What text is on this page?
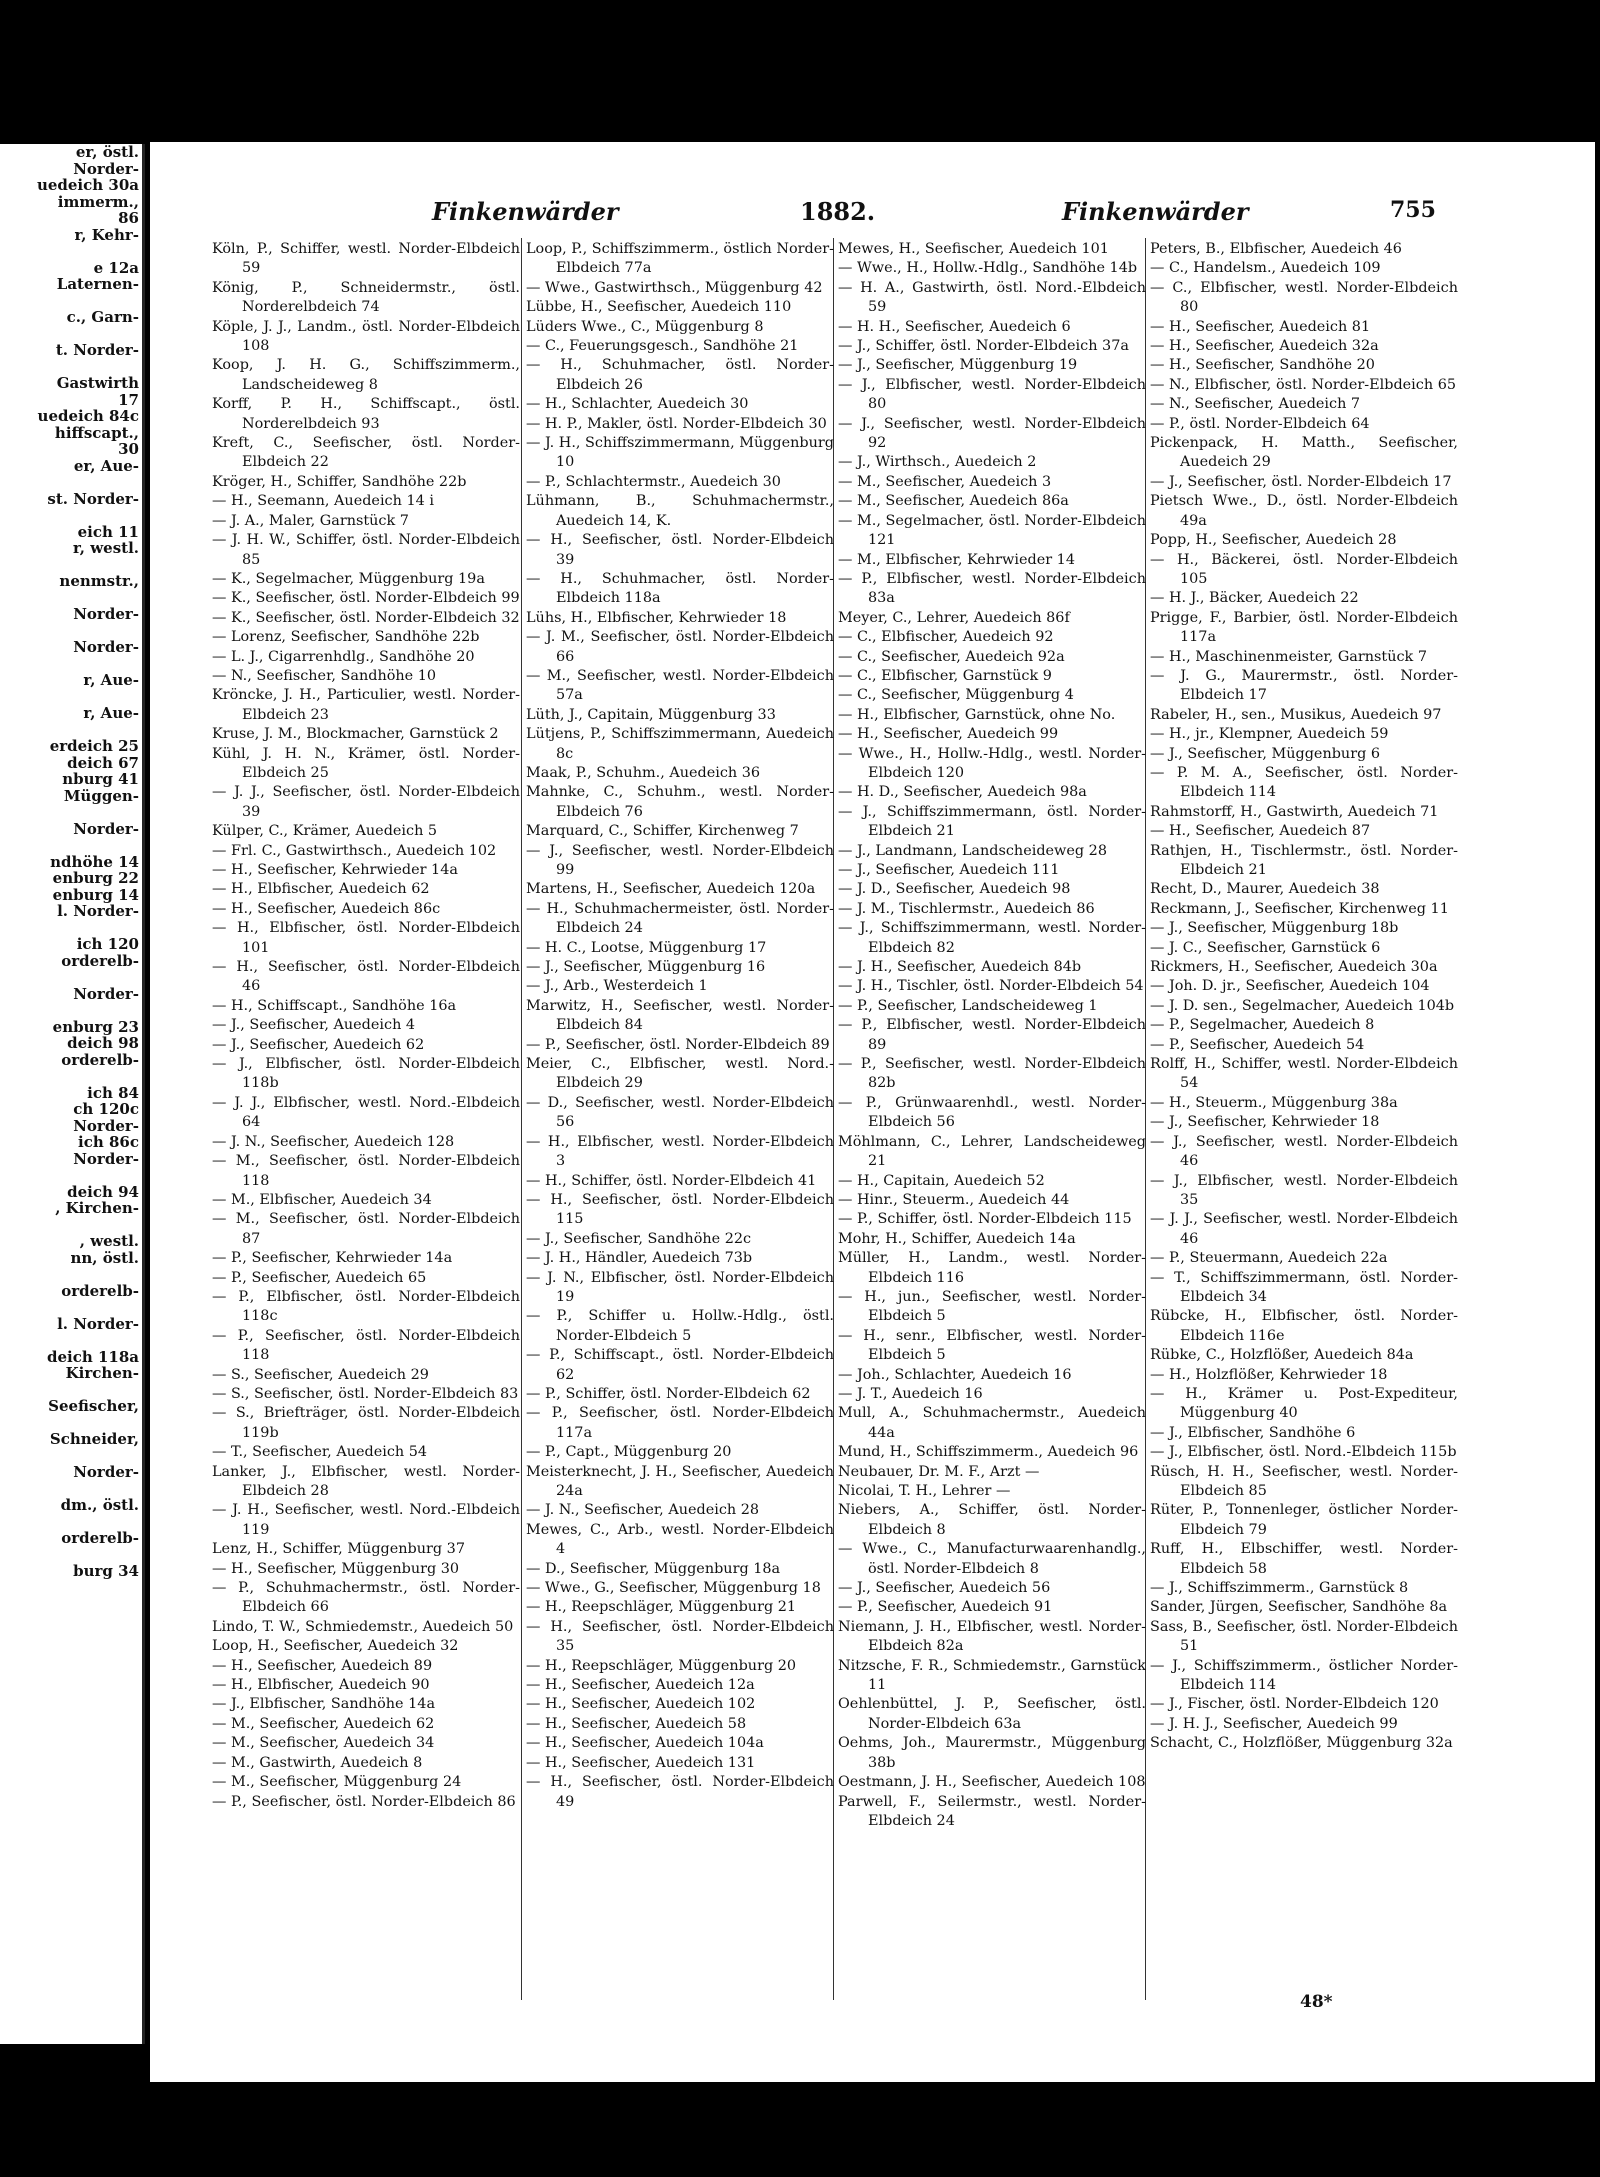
er, östl.
Norder-
uedeich 30a
immerm.,
86
r, Kehr-

e 12a
Laternen-

c., Garn-

t. Norder-

Gastwirth
17
uedeich 84c
hiffscapt.,
30
er, Aue-

st. Norder-

eich 11
r, westl.

nenmstr.,

Norder-

Norder-

r, Aue-

r, Aue-

erdeich 25
deich 67
nburg 41
Müggen-

Norder-

ndhöhe 14
enburg 22
enburg 14
l. Norder-

ich 120
orderelb-

Norder-

enburg 23
deich 98
orderelb-

ich 84
ch 120c
Norder-
ich 86c
Norder-

deich 94
, Kirchen-

, westl.
nn, östl.

orderelb-

l. Norder-

deich 118a
Kirchen-

Seefischer,

Schneider,

Norder-

dm., östl.

orderelb-

burg 34
Finkenwärder	1882.	Finkenwärder	755
Köln, P., Schiffer, westl. Norder-Elbdeich 59
König, P., Schneidermstr., östl. Norderelbdeich 74
Köple, J. J., Landm., östl. Norder-Elbdeich 108
Koop, J. H. G., Schiffszimmerm., Landscheideweg 8
Korff, P. H., Schiffscapt., östl. Norderelbdeich 93
Kreft, C., Seefischer, östl. Norder-Elbdeich 22
Kröger, H., Schiffer, Sandhöhe 22b
— H., Seemann, Auedeich 14 i
— J. A., Maler, Garnstück 7
— J. H. W., Schiffer, östl. Norder-Elbdeich 85
— K., Segelmacher, Müggenburg 19a
— K., Seefischer, östl. Norder-Elbdeich 99
— K., Seefischer, östl. Norder-Elbdeich 32
— Lorenz, Seefischer, Sandhöhe 22b
— L. J., Cigarrenhdlg., Sandhöhe 20
— N., Seefischer, Sandhöhe 10
Kröncke, J. H., Particulier, westl. Norder-Elbdeich 23
Kruse, J. M., Blockmacher, Garnstück 2
Kühl, J. H. N., Krämer, östl. Norder-Elbdeich 25
— J. J., Seefischer, östl. Norder-Elbdeich 39
Külper, C., Krämer, Auedeich 5
— Frl. C., Gastwirthsch., Auedeich 102
— H., Seefischer, Kehrwieder 14a
— H., Elbfischer, Auedeich 62
— H., Seefischer, Auedeich 86c
— H., Elbfischer, östl. Norder-Elbdeich 101
— H., Seefischer, östl. Norder-Elbdeich 46
— H., Schiffscapt., Sandhöhe 16a
— J., Seefischer, Auedeich 4
— J., Seefischer, Auedeich 62
— J., Elbfischer, östl. Norder-Elbdeich 118b
— J. J., Elbfischer, westl. Nord.-Elbdeich 64
— J. N., Seefischer, Auedeich 128
— M., Seefischer, östl. Norder-Elbdeich 118
— M., Elbfischer, Auedeich 34
— M., Seefischer, östl. Norder-Elbdeich 87
— P., Seefischer, Kehrwieder 14a
— P., Seefischer, Auedeich 65
— P., Elbfischer, östl. Norder-Elbdeich 118c
— P., Seefischer, östl. Norder-Elbdeich 118
— S., Seefischer, Auedeich 29
— S., Seefischer, östl. Norder-Elbdeich 83
— S., Briefträger, östl. Norder-Elbdeich 119b
— T., Seefischer, Auedeich 54
Lanker, J., Elbfischer, westl. Norder-Elbdeich 28
— J. H., Seefischer, westl. Nord.-Elbdeich 119
Lenz, H., Schiffer, Müggenburg 37
— H., Seefischer, Müggenburg 30
— P., Schuhmachermstr., östl. Norder-Elbdeich 66
Lindo, T. W., Schmiedemstr., Auedeich 50
Loop, H., Seefischer, Auedeich 32
— H., Seefischer, Auedeich 89
— H., Elbfischer, Auedeich 90
— J., Elbfischer, Sandhöhe 14a
— M., Seefischer, Auedeich 62
— M., Seefischer, Auedeich 34
— M., Gastwirth, Auedeich 8
— M., Seefischer, Müggenburg 24
— P., Seefischer, östl. Norder-Elbdeich 86
Loop, P., Schiffszimmerm., östlich Norder-Elbdeich 77a
— Wwe., Gastwirthsch., Müggenburg 42
Lübbe, H., Seefischer, Auedeich 110
Lüders Wwe., C., Müggenburg 8
— C., Feuerungsgesch., Sandhöhe 21
— H., Schuhmacher, östl. Norder-Elbdeich 26
— H., Schlachter, Auedeich 30
— H. P., Makler, östl. Norder-Elbdeich 30
— J. H., Schiffszimmermann, Müggenburg 10
— P., Schlachtermstr., Auedeich 30
Lühmann, B., Schuhmachermstr., Auedeich 14, K.
— H., Seefischer, östl. Norder-Elbdeich 39
— H., Schuhmacher, östl. Norder-Elbdeich 118a
Lühs, H., Elbfischer, Kehrwieder 18
— J. M., Seefischer, östl. Norder-Elbdeich 66
— M., Seefischer, westl. Norder-Elbdeich 57a
Lüth, J., Capitain, Müggenburg 33
Lütjens, P., Schiffszimmermann, Auedeich 8c
Maak, P., Schuhm., Auedeich 36
Mahnke, C., Schuhm., westl. Norder-Elbdeich 76
Marquard, C., Schiffer, Kirchenweg 7
— J., Seefischer, westl. Norder-Elbdeich 99
Martens, H., Seefischer, Auedeich 120a
— H., Schuhmachermeister, östl. Norder-Elbdeich 24
— H. C., Lootse, Müggenburg 17
— J., Seefischer, Müggenburg 16
— J., Arb., Westerdeich 1
Marwitz, H., Seefischer, westl. Norder-Elbdeich 84
— P., Seefischer, östl. Norder-Elbdeich 89
Meier, C., Elbfischer, westl. Nord.-Elbdeich 29
— D., Seefischer, westl. Norder-Elbdeich 56
— H., Elbfischer, westl. Norder-Elbdeich 3
— H., Schiffer, östl. Norder-Elbdeich 41
— H., Seefischer, östl. Norder-Elbdeich 115
— J., Seefischer, Sandhöhe 22c
— J. H., Händler, Auedeich 73b
— J. N., Elbfischer, östl. Norder-Elbdeich 19
— P., Schiffer u. Hollw.-Hdlg., östl. Norder-Elbdeich 5
— P., Schiffscapt., östl. Norder-Elbdeich 62
— P., Schiffer, östl. Norder-Elbdeich 62
— P., Seefischer, östl. Norder-Elbdeich 117a
— P., Capt., Müggenburg 20
Meisterknecht, J. H., Seefischer, Auedeich 24a
— J. N., Seefischer, Auedeich 28
Mewes, C., Arb., westl. Norder-Elbdeich 4
— D., Seefischer, Müggenburg 18a
— Wwe., G., Seefischer, Müggenburg 18
— H., Reepschläger, Müggenburg 21
— H., Seefischer, östl. Norder-Elbdeich 35
— H., Reepschläger, Müggenburg 20
— H., Seefischer, Auedeich 12a
— H., Seefischer, Auedeich 102
— H., Seefischer, Auedeich 58
— H., Seefischer, Auedeich 104a
— H., Seefischer, Auedeich 131
— H., Seefischer, östl. Norder-Elbdeich 49
Mewes, H., Seefischer, Auedeich 101
— Wwe., H., Hollw.-Hdlg., Sandhöhe 14b
— H. A., Gastwirth, östl. Nord.-Elbdeich 59
— H. H., Seefischer, Auedeich 6
— J., Schiffer, östl. Norder-Elbdeich 37a
— J., Seefischer, Müggenburg 19
— J., Elbfischer, westl. Norder-Elbdeich 80
— J., Seefischer, westl. Norder-Elbdeich 92
— J., Wirthsch., Auedeich 2
— M., Seefischer, Auedeich 3
— M., Seefischer, Auedeich 86a
— M., Segelmacher, östl. Norder-Elbdeich 121
— M., Elbfischer, Kehrwieder 14
— P., Elbfischer, westl. Norder-Elbdeich 83a
Meyer, C., Lehrer, Auedeich 86f
— C., Elbfischer, Auedeich 92
— C., Seefischer, Auedeich 92a
— C., Elbfischer, Garnstück 9
— C., Seefischer, Müggenburg 4
— H., Elbfischer, Garnstück, ohne No.
— H., Seefischer, Auedeich 99
— Wwe., H., Hollw.-Hdlg., westl. Norder-Elbdeich 120
— H. D., Seefischer, Auedeich 98a
— J., Schiffszimmermann, östl. Norder-Elbdeich 21
— J., Landmann, Landscheideweg 28
— J., Seefischer, Auedeich 111
— J. D., Seefischer, Auedeich 98
— J. M., Tischlermstr., Auedeich 86
— J., Schiffszimmermann, westl. Norder-Elbdeich 82
— J. H., Seefischer, Auedeich 84b
— J. H., Tischler, östl. Norder-Elbdeich 54
— P., Seefischer, Landscheideweg 1
— P., Elbfischer, westl. Norder-Elbdeich 89
— P., Seefischer, westl. Norder-Elbdeich 82b
— P., Grünwaarenhdl., westl. Norder-Elbdeich 56
Möhlmann, C., Lehrer, Landscheideweg 21
— H., Capitain, Auedeich 52
— Hinr., Steuerm., Auedeich 44
— P., Schiffer, östl. Norder-Elbdeich 115
Mohr, H., Schiffer, Auedeich 14a
Müller, H., Landm., westl. Norder-Elbdeich 116
— H., jun., Seefischer, westl. Norder-Elbdeich 5
— H., senr., Elbfischer, westl. Norder-Elbdeich 5
— Joh., Schlachter, Auedeich 16
— J. T., Auedeich 16
Mull, A., Schuhmachermstr., Auedeich 44a
Mund, H., Schiffszimmerm., Auedeich 96
Neubauer, Dr. M. F., Arzt —
Nicolai, T. H., Lehrer —
Niebers, A., Schiffer, östl. Norder-Elbdeich 8
— Wwe., C., Manufacturwaarenhandlg., östl. Norder-Elbdeich 8
— J., Seefischer, Auedeich 56
— P., Seefischer, Auedeich 91
Niemann, J. H., Elbfischer, westl. Norder-Elbdeich 82a
Nitzsche, F. R., Schmiedemstr., Garnstück 11
Oehlenbüttel, J. P., Seefischer, östl. Norder-Elbdeich 63a
Oehms, Joh., Maurermstr., Müggenburg 38b
Oestmann, J. H., Seefischer, Auedeich 108
Parwell, F., Seilermstr., westl. Norder-Elbdeich 24
Peters, B., Elbfischer, Auedeich 46
— C., Handelsm., Auedeich 109
— C., Elbfischer, westl. Norder-Elbdeich 80
— H., Seefischer, Auedeich 81
— H., Seefischer, Auedeich 32a
— H., Seefischer, Sandhöhe 20
— N., Elbfischer, östl. Norder-Elbdeich 65
— N., Seefischer, Auedeich 7
— P., östl. Norder-Elbdeich 64
Pickenpack, H. Matth., Seefischer, Auedeich 29
— J., Seefischer, östl. Norder-Elbdeich 17
Pietsch Wwe., D., östl. Norder-Elbdeich 49a
Popp, H., Seefischer, Auedeich 28
— H., Bäckerei, östl. Norder-Elbdeich 105
— H. J., Bäcker, Auedeich 22
Prigge, F., Barbier, östl. Norder-Elbdeich 117a
— H., Maschinenmeister, Garnstück 7
— J. G., Maurermstr., östl. Norder-Elbdeich 17
Rabeler, H., sen., Musikus, Auedeich 97
— H., jr., Klempner, Auedeich 59
— J., Seefischer, Müggenburg 6
— P. M. A., Seefischer, östl. Norder-Elbdeich 114
Rahmstorff, H., Gastwirth, Auedeich 71
— H., Seefischer, Auedeich 87
Rathjen, H., Tischlermstr., östl. Norder-Elbdeich 21
Recht, D., Maurer, Auedeich 38
Reckmann, J., Seefischer, Kirchenweg 11
— J., Seefischer, Müggenburg 18b
— J. C., Seefischer, Garnstück 6
Rickmers, H., Seefischer, Auedeich 30a
— Joh. D. jr., Seefischer, Auedeich 104
— J. D. sen., Segelmacher, Auedeich 104b
— P., Segelmacher, Auedeich 8
— P., Seefischer, Auedeich 54
Rolff, H., Schiffer, westl. Norder-Elbdeich 54
— H., Steuerm., Müggenburg 38a
— J., Seefischer, Kehrwieder 18
— J., Seefischer, westl. Norder-Elbdeich 46
— J., Elbfischer, westl. Norder-Elbdeich 35
— J. J., Seefischer, westl. Norder-Elbdeich 46
— P., Steuermann, Auedeich 22a
— T., Schiffszimmermann, östl. Norder-Elbdeich 34
Rübcke, H., Elbfischer, östl. Norder-Elbdeich 116e
Rübke, C., Holzflößer, Auedeich 84a
— H., Holzflößer, Kehrwieder 18
— H., Krämer u. Post-Expediteur, Müggenburg 40
— J., Elbfischer, Sandhöhe 6
— J., Elbfischer, östl. Nord.-Elbdeich 115b
Rüsch, H. H., Seefischer, westl. Norder-Elbdeich 85
Rüter, P., Tonnenleger, östlicher Norder-Elbdeich 79
Ruff, H., Elbschiffer, westl. Norder-Elbdeich 58
— J., Schiffszimmerm., Garnstück 8
Sander, Jürgen, Seefischer, Sandhöhe 8a
Sass, B., Seefischer, östl. Norder-Elbdeich 51
— J., Schiffszimmerm., östlicher Norder-Elbdeich 114
— J., Fischer, östl. Norder-Elbdeich 120
— J. H. J., Seefischer, Auedeich 99
Schacht, C., Holzflößer, Müggenburg 32a
48*
